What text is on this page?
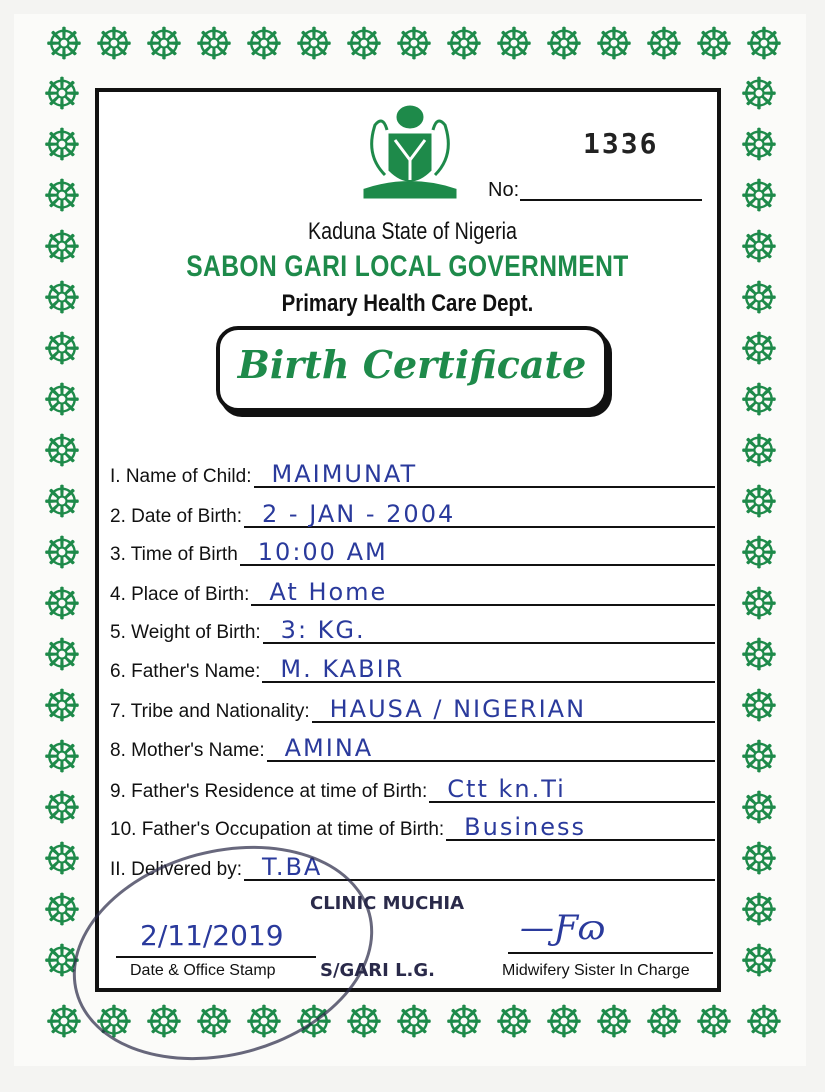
☸
☸
☸
☸
☸
☸
☸
☸
☸
☸
☸
☸
☸
☸
☸
☸
☸
☸
☸
☸
☸
☸
☸
☸
☸
☸
☸
☸
☸
☸
☸	☸
☸	☸
☸	☸
☸	☸
☸	☸
☸	☸
☸	☸
☸	☸
☸	☸
☸	☸
☸	☸
☸	☸
☸	☸
☸	☸
☸	☸
☸	☸
☸	☸
☸	☸
1336
No:
Kaduna State of Nigeria
SABON GARI LOCAL GOVERNMENT
Primary Health Care Dept.
Birth Certificate
I. Name of Child: MAIMUNAT
2. Date of Birth: 2 - JAN - 2004
3. Time of Birth 10:00 AM
4. Place of Birth: At Home
5. Weight of Birth: 3: KG.
6. Father's Name: M. KABIR
7. Tribe and Nationality: HAUSA / NIGERIAN
8. Mother's Name: AMINA
9. Father's Residence at time of Birth: Ctt kn.Ti
10. Father's Occupation at time of Birth: Business
II. Delivered by: T.BA
CLINIC MUCHIA
S/GARI L.G.
2/11/2019
Date & Office Stamp
—Ƒɷ
Midwifery Sister In Charge
